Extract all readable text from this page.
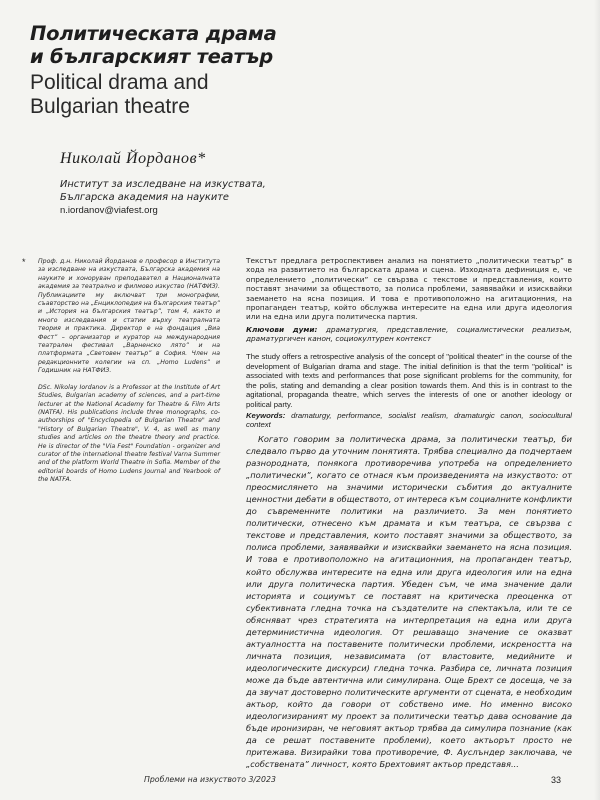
Политическата драма
и българският театър
Political drama and
Bulgarian theatre
Николай Йорданов*
Институт за изследване на изкуствата,
Българска академия на науките
n.iordanov@viafest.org
* Проф. д.н. Николай Йорданов е професор в Института за изследване на изкуствата, Българска академия на науките и хоноруван преподавател в Националната академия за театрално и филмово изкуство (НАТФИЗ). Публикациите му включват три монографии, съавторство на „Енциклопедия на българския театър” и „История на българския театър”, том 4, както и много изследвания и статии върху театралната теория и практика. Директор е на фондация „Виа Фест” – организатор и куратор на международния театрален фестивал „Варненско лято” и на платформата „Световен театър” в София. Член на редакционните колегии на сп. „Homo Ludens” и Годишник на НАТФИЗ.

DSc. Nikolay Iordanov is a Professor at the Institute of Art Studies, Bulgarian academy of sciences, and a part-time lecturer at the National Academy for Theatre & Film Arts (NATFA). His publications include three monographs, co-authorships of "Encyclopedia of Bulgarian Theatre" and "History of Bulgarian Theatre", V. 4, as well as many studies and articles on the theatre theory and practice. He is director of the "Via Fest" Foundation - organizer and curator of the international theatre festival Varna Summer and of the platform World Theatre in Sofia. Member of the editorial boards of Homo Ludens Journal and Yearbook of the NATFA.

Текстът предлага ретроспективен анализ на понятието „политически театър” в хода на развитието на българската драма и сцена. Изходната дефиниция е, че определението „политически” се свързва с текстове и представления, които поставят значими за обществото, за полиса проблеми, заявявайки и изисквайки заемането на ясна позиция. И това е противоположно на агитационния, на пропаганден театър, който обслужва интересите на една или друга идеология или на една или друга политическа партия.

Ключови думи: драматургия, представление, социалистически реализъм, драматургичен канон, социокултурен контекст

The study offers a retrospective analysis of the concept of "political theater" in the course of the development of Bulgarian drama and stage. The initial definition is that the term "political" is associated with texts and performances that pose significant problems for the community, for the polis, stating and demanding a clear position towards them. And this is in contrast to the agitational, propaganda theatre, which serves the interests of one or another ideology or political party.

Keywords: dramaturgy, performance, socialist realism, dramaturgic canon, sociocultural context

Когато говорим за политическа драма, за политически театър, би следвало първо да уточним понятията. Трябва специално да подчертаем разнородната, понякога противоречива употреба на определението „политически”, когато се отнася към произведенията на изкуството: от преосмислянето на значими исторически събития до актуалните ценностни дебати в обществото, от интереса към социалните конфликти до съвременните политики на различието. За мен понятието политически, отнесено към драмата и към театъра, се свързва с текстове и представления, които поставят значими за обществото, за полиса проблеми, заявявайки и изисквайки заемането на ясна позиция. И това е противоположно на агитационния, на пропаганден театър, който обслужва интересите на една или друга идеология или на една или друга политическа партия. Убеден съм, че има значение дали историята и социумът се поставят на критическа преоценка от субективната гледна точка на създателите на спектакъла, или те се обясняват чрез стратегията на интерпретация на една или друга детерминистична идеология. От решаващо значение се оказват актуалността на поставените политически проблеми, искреността на личната позиция, независимата (от властовите, медийните и идеологическите дискурси) гледна точка. Разбира се, личната позиция може да бъде автентична или симулирана. Още Брехт се досеща, че за да звучат достоверно политическите аргументи от сцената, е необходим актьор, който да говори от собствено име. Но именно високо идеологизираният му проект за политически театър дава основание да бъде иронизиран, че неговият актьор трябва да симулира познание (как да се решат поставените проблеми), което актьорът просто не притежава. Визирайки това противоречие, Ф. Ауслъндер заключава, че „собствената” личност, която Брехтовият актьор представя...

Проблеми на изкуството 3/2023	33
